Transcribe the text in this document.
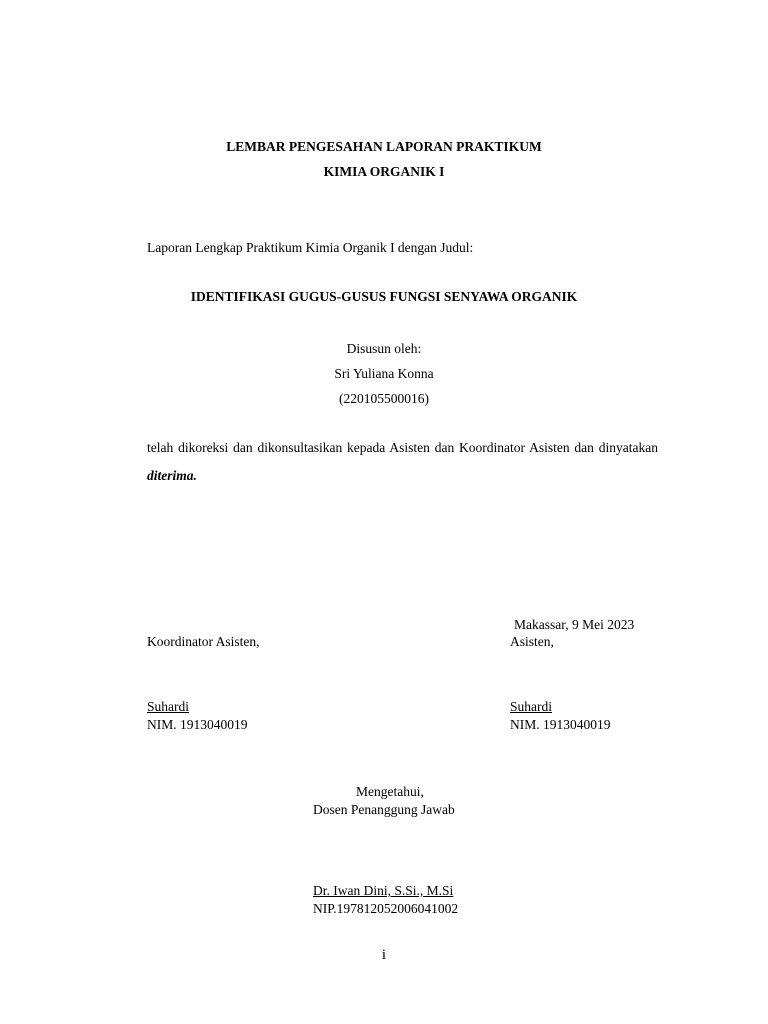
LEMBAR PENGESAHAN LAPORAN PRAKTIKUM
KIMIA ORGANIK I
Laporan Lengkap Praktikum Kimia Organik I dengan Judul:
IDENTIFIKASI GUGUS-GUSUS FUNGSI SENYAWA ORGANIK
Disusun oleh:
Sri Yuliana Konna
(220105500016)
telah dikoreksi dan dikonsultasikan kepada Asisten dan Koordinator Asisten dan dinyatakan diterima.
Makassar, 9 Mei 2023
Koordinator Asisten,	Asisten,
Suhardi
NIM. 1913040019
Suhardi
NIM. 1913040019
Mengetahui,
Dosen Penanggung Jawab
Dr. Iwan Dini, S.Si., M.Si
NIP.197812052006041002
i
